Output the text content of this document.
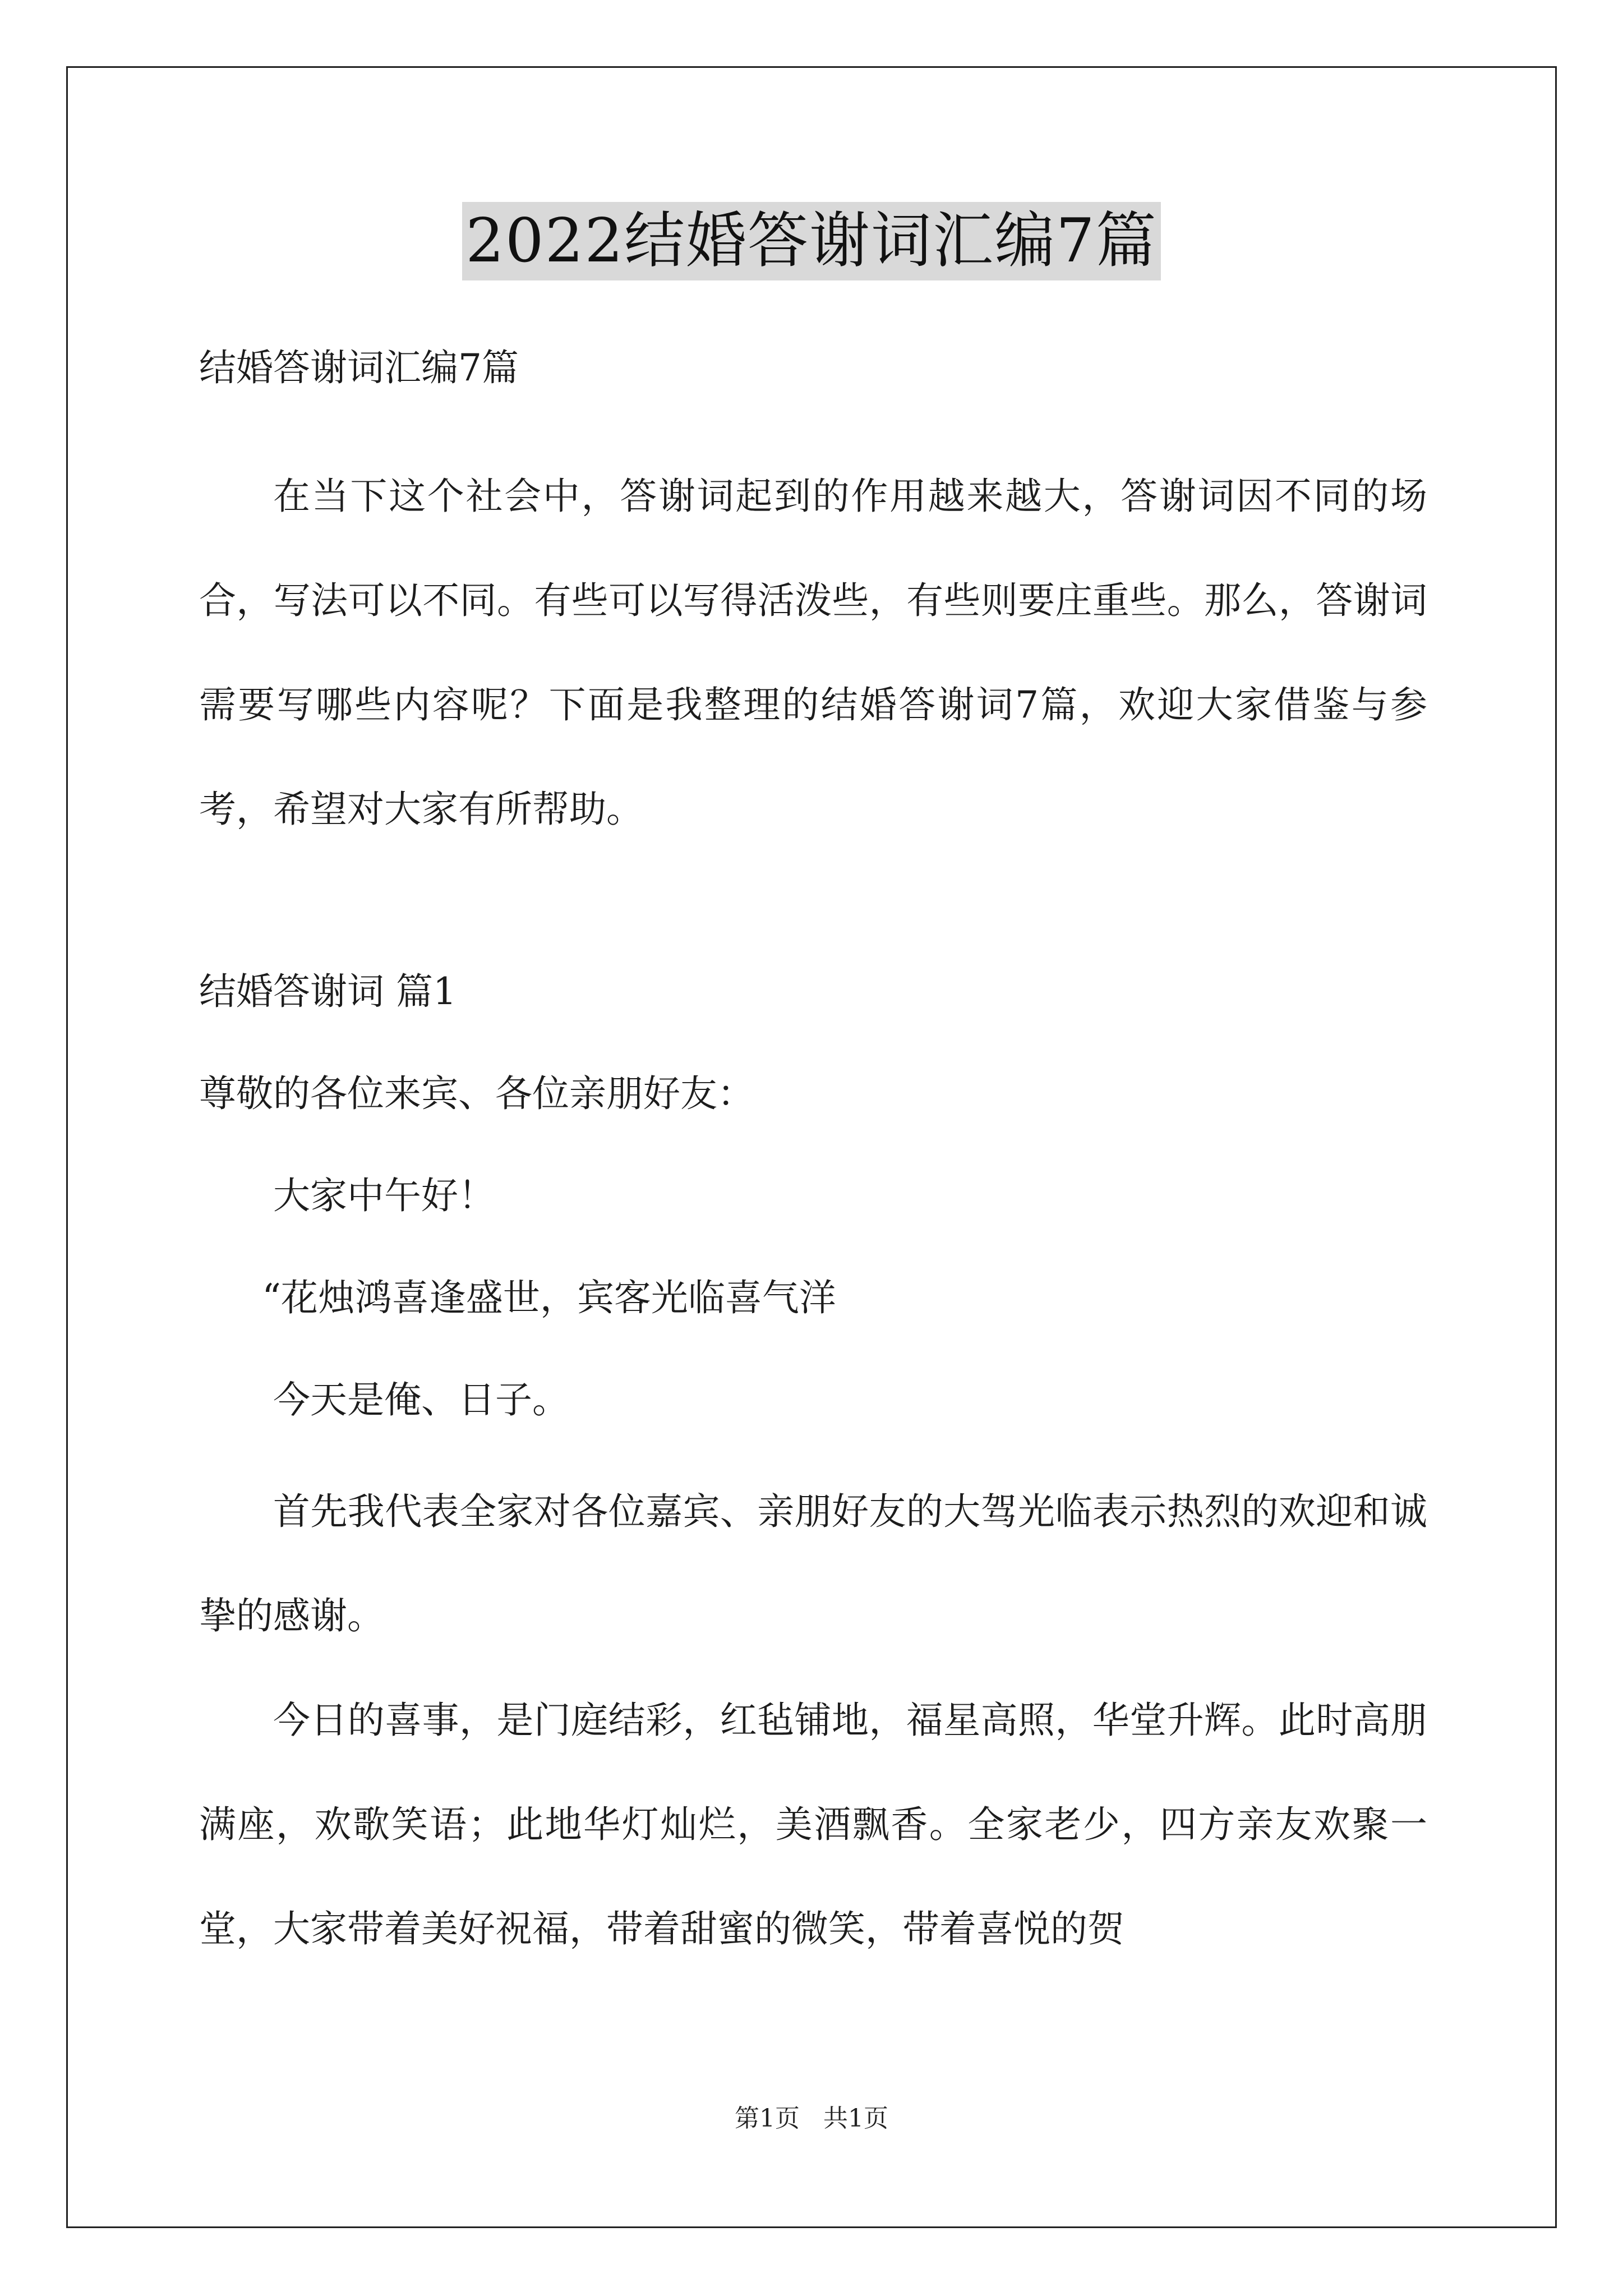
2022结婚答谢词汇编7篇

结婚答谢词汇编7篇

在当下这个社会中，答谢词起到的作用越来越大，答谢词因不同的场合，写法可以不同。有些可以写得活泼些，有些则要庄重些。那么，答谢词需要写哪些内容呢？下面是我整理的结婚答谢词7篇，欢迎大家借鉴与参考，希望对大家有所帮助。

结婚答谢词 篇1

尊敬的各位来宾、各位亲朋好友：

大家中午好！

“花烛鸿喜逢盛世，宾客光临喜气洋

今天是俺、日子。

首先我代表全家对各位嘉宾、亲朋好友的大驾光临表示热烈的欢迎和诚挚的感谢。

今日的喜事，是门庭结彩，红毡铺地，福星高照，华堂升辉。此时高朋满座，欢歌笑语；此地华灯灿烂，美酒飘香。全家老少，四方亲友欢聚一堂，大家带着美好祝福，带着甜蜜的微笑，带着喜悦的贺

第1页 共1页
